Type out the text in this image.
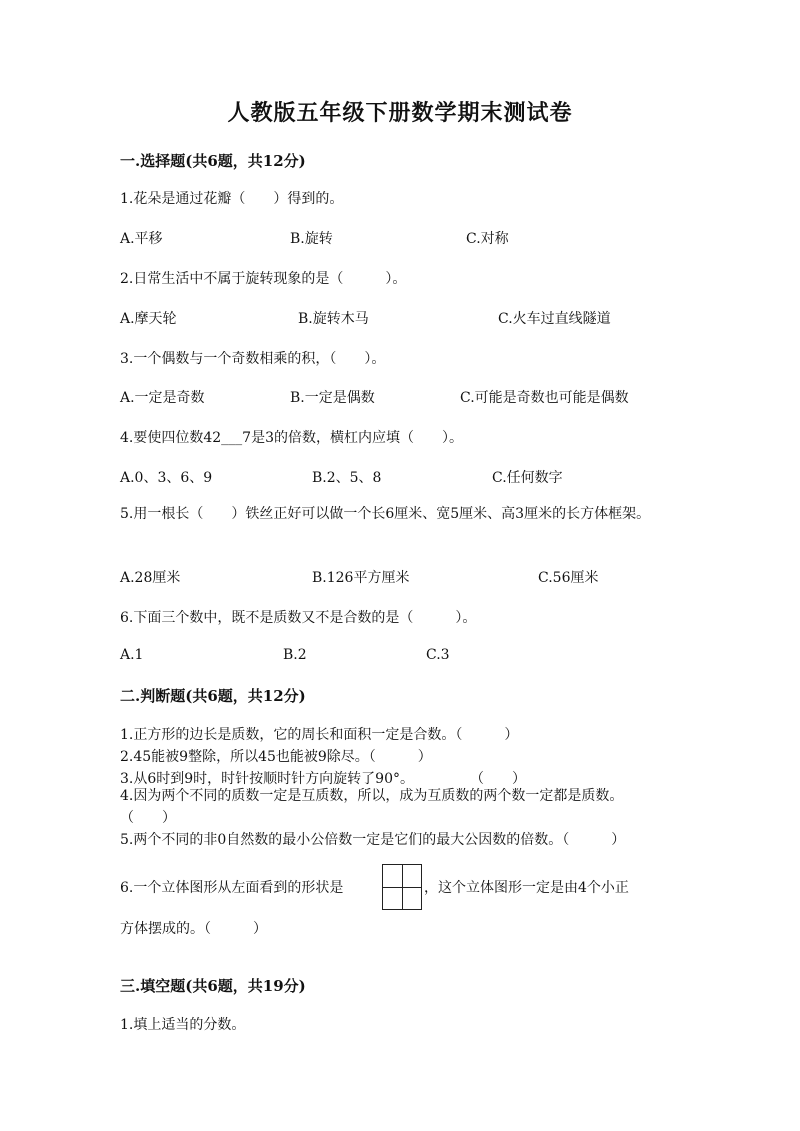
人教版五年级下册数学期末测试卷
一.选择题(共6题，共12分)
1.花朵是通过花瓣（　　）得到的。
A.平移	B.旋转	C.对称
2.日常生活中不属于旋转现象的是（　　　）。
A.摩天轮	B.旋转木马	C.火车过直线隧道
3.一个偶数与一个奇数相乘的积，（　　）。
A.一定是奇数	B.一定是偶数	C.可能是奇数也可能是偶数
4.要使四位数42___7是3的倍数，横杠内应填（　　）。
A.0、3、6、9	B.2、5、8	C.任何数字
5.用一根长（　　）铁丝正好可以做一个长6厘米、宽5厘米、高3厘米的长方体框架。
A.28厘米	B.126平方厘米	C.56厘米
6.下面三个数中，既不是质数又不是合数的是（　　　）。
A.1	B.2	C.3
二.判断题(共6题，共12分)
1.正方形的边长是质数，它的周长和面积一定是合数。（　　　）
2.45能被9整除，所以45也能被9除尽。（　　　）
3.从6时到9时，时针按顺时针方向旋转了90°。　　　　　（　　）
4.因为两个不同的质数一定是互质数，所以，成为互质数的两个数一定都是质数。（　　）
5.两个不同的非0自然数的最小公倍数一定是它们的最大公因数的倍数。（　　　）
6.一个立体图形从左面看到的形状是	，这个立体图形一定是由4个小正
方体摆成的。（　　　）
三.填空题(共6题，共19分)
1.填上适当的分数。
